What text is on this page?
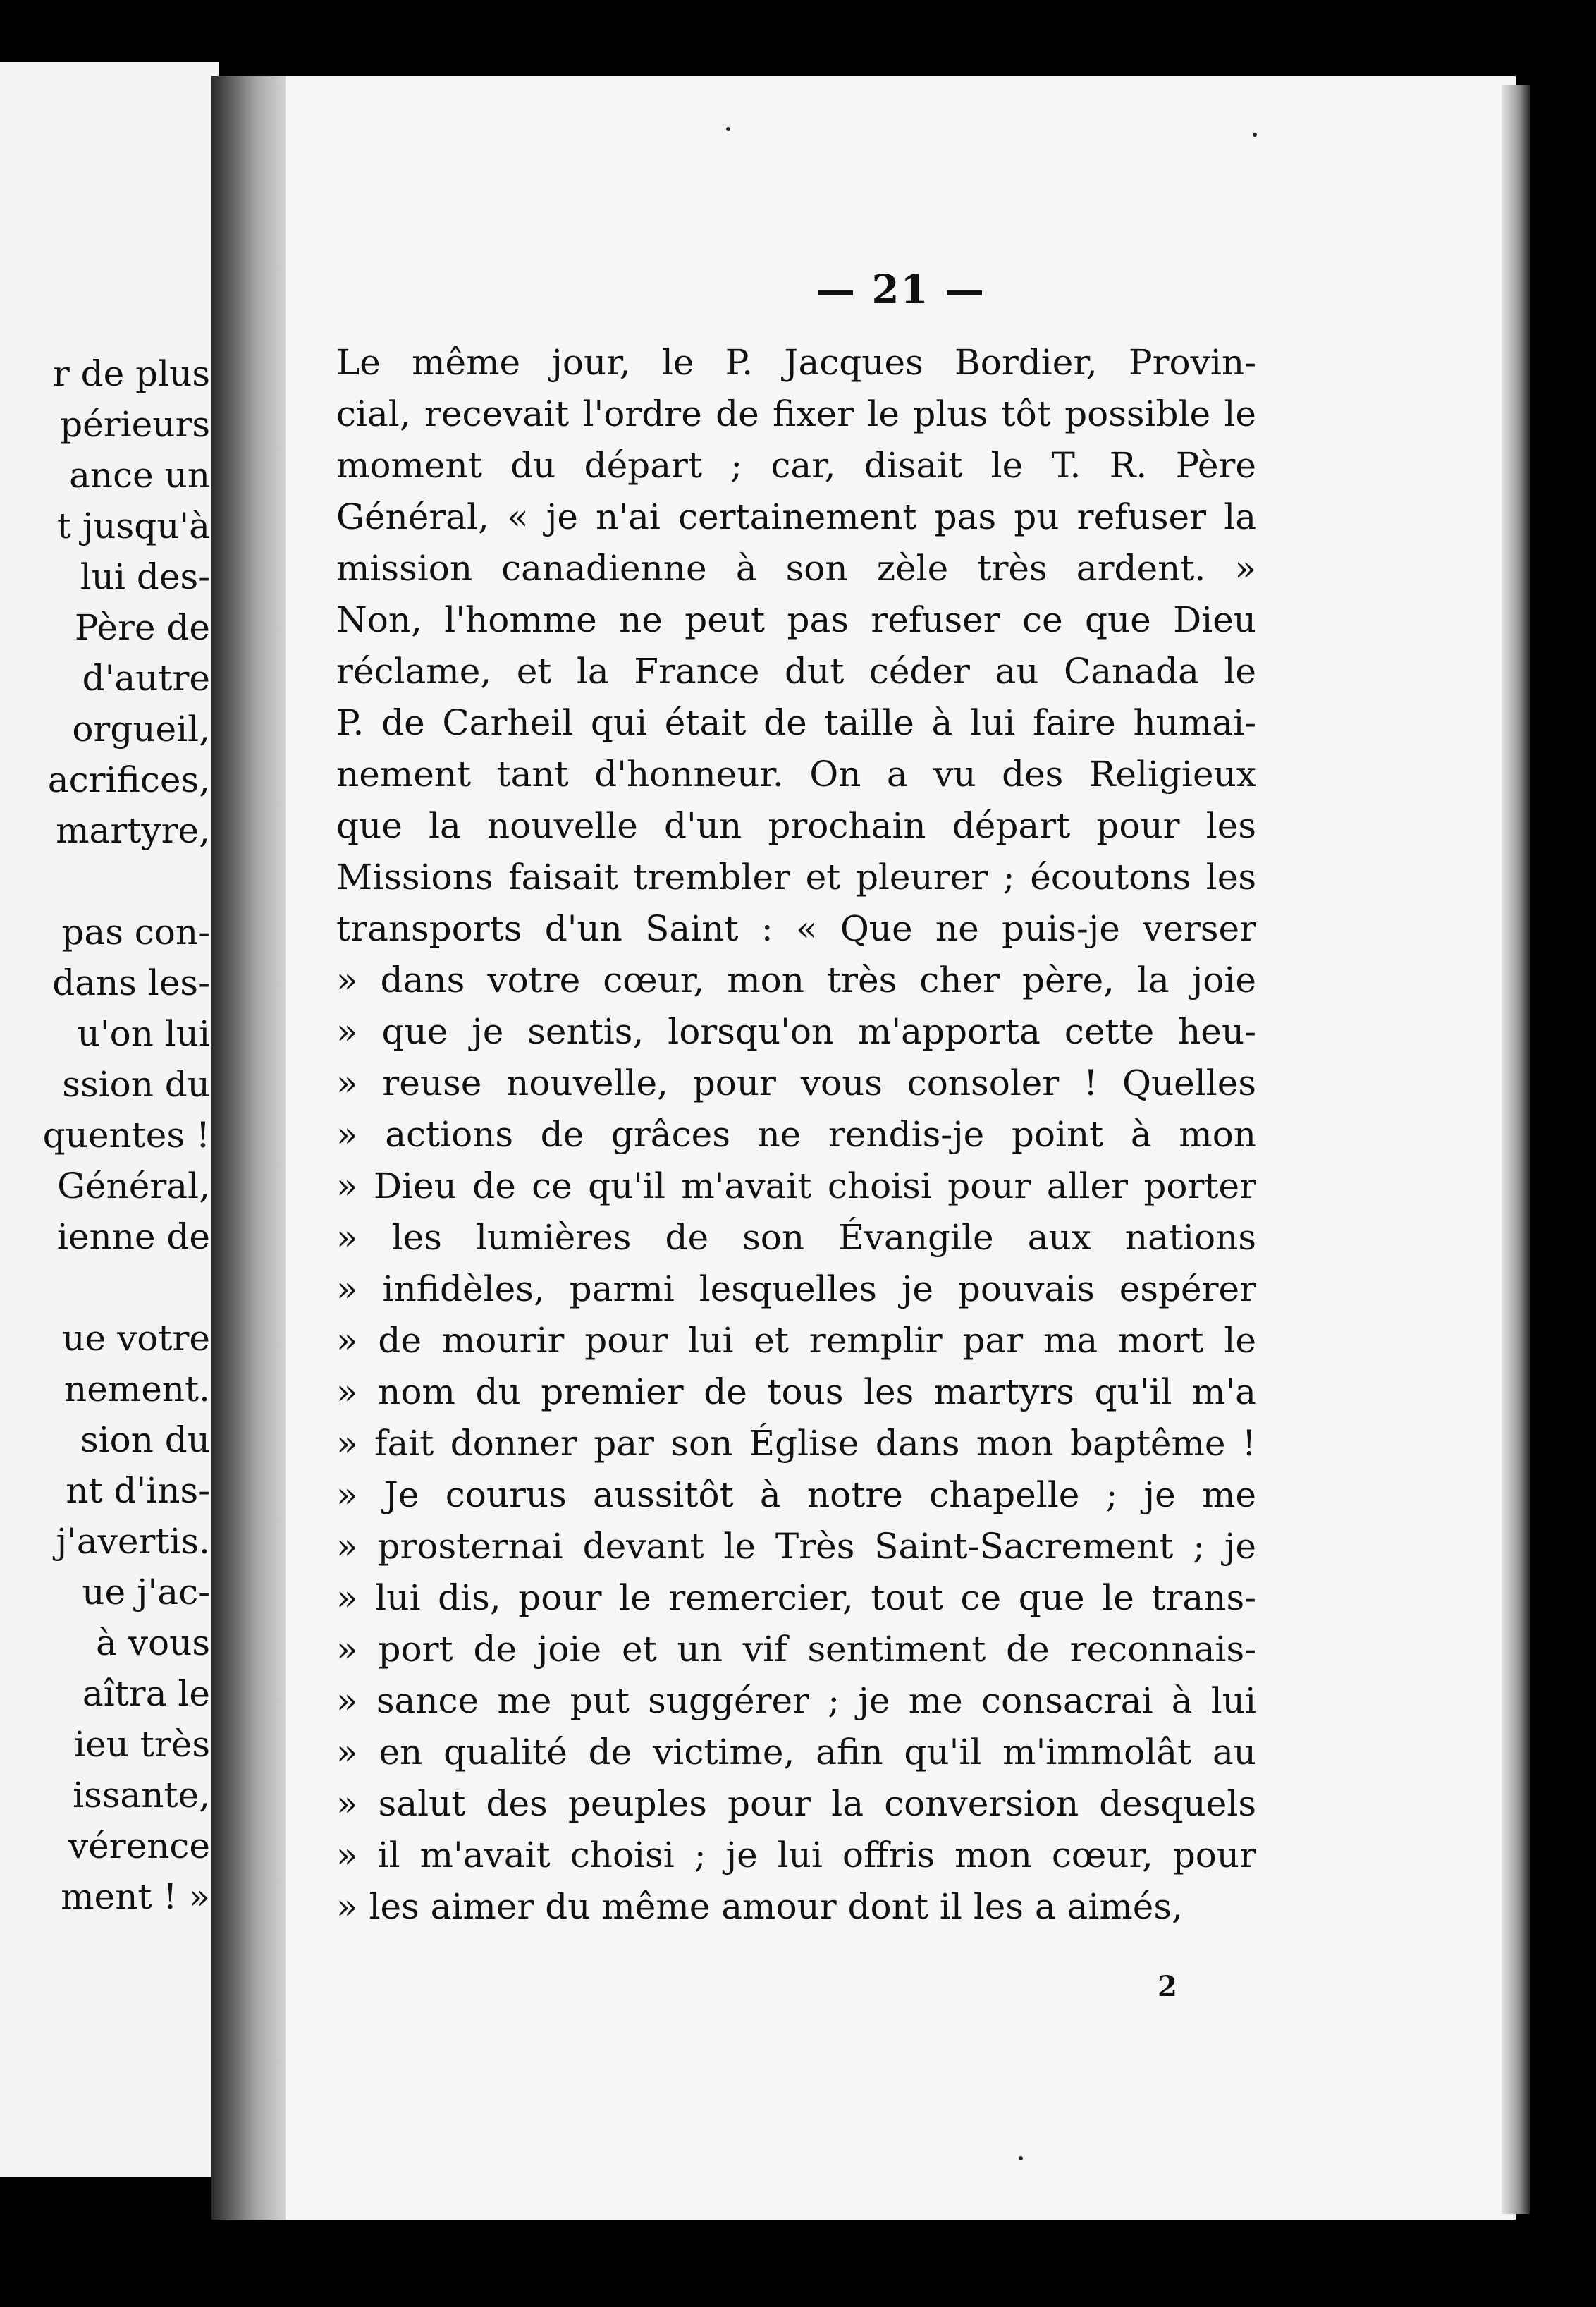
r de plus
périeurs
ance un
t jusqu'à
lui des-
Père de
d'autre
orgueil,
acrifices,
martyre,
pas con-
dans les-
u'on lui
ssion du
quentes !
Général,
ienne de
ue votre
nement.
sion du
nt d'ins-
j'avertis.
ue j'ac-
à vous
aîtra le
ieu très
issante,
vérence
ment ! »
— 21 —
Le même jour, le P. Jacques Bordier, Provin-
cial, recevait l'ordre de fixer le plus tôt possible le
moment du départ ; car, disait le T. R. Père
Général, « je n'ai certainement pas pu refuser la
mission canadienne à son zèle très ardent. »
Non, l'homme ne peut pas refuser ce que Dieu
réclame, et la France dut céder au Canada le
P. de Carheil qui était de taille à lui faire humai-
nement tant d'honneur. On a vu des Religieux
que la nouvelle d'un prochain départ pour les
Missions faisait trembler et pleurer ; écoutons les
transports d'un Saint : « Que ne puis-je verser
» dans votre cœur, mon très cher père, la joie
» que je sentis, lorsqu'on m'apporta cette heu-
» reuse nouvelle, pour vous consoler ! Quelles
» actions de grâces ne rendis-je point à mon
» Dieu de ce qu'il m'avait choisi pour aller porter
» les lumières de son Évangile aux nations
» infidèles, parmi lesquelles je pouvais espérer
» de mourir pour lui et remplir par ma mort le
» nom du premier de tous les martyrs qu'il m'a
» fait donner par son Église dans mon baptême !
» Je courus aussitôt à notre chapelle ; je me
» prosternai devant le Très Saint-Sacrement ; je
» lui dis, pour le remercier, tout ce que le trans-
» port de joie et un vif sentiment de reconnais-
» sance me put suggérer ; je me consacrai à lui
» en qualité de victime, afin qu'il m'immolât au
» salut des peuples pour la conversion desquels
» il m'avait choisi ; je lui offris mon cœur, pour
» les aimer du même amour dont il les a aimés,
2
